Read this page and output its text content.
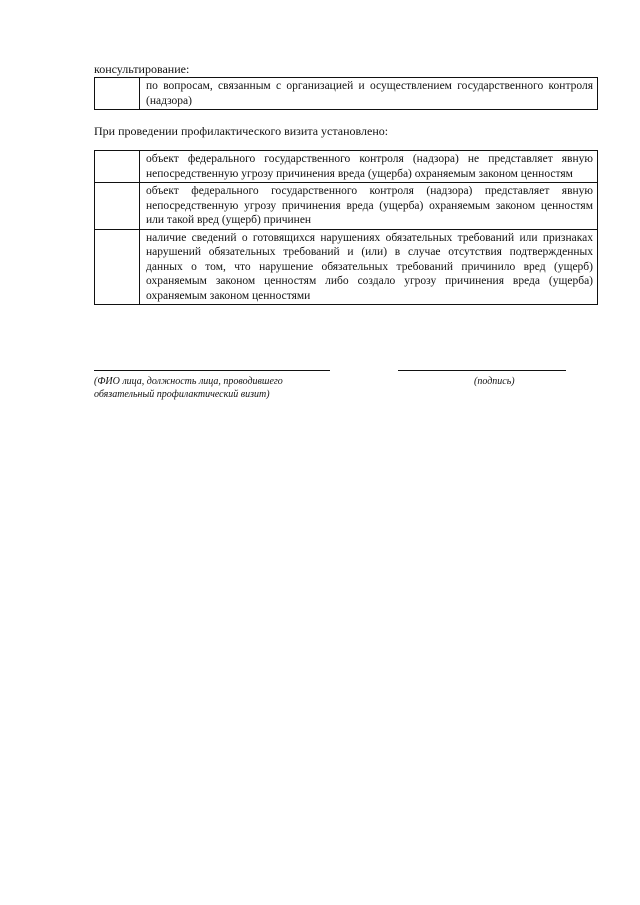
консультирование:
	по вопросам, связанным с организацией и осуществлением государственного контроля (надзора)
При проведении профилактического визита установлено:
	объект федерального государственного контроля (надзора) не представляет явную непосредственную угрозу причинения вреда (ущерба) охраняемым законом ценностям
	объект федерального государственного контроля (надзора) представляет явную непосредственную угрозу причинения вреда (ущерба) охраняемым законом ценностям или такой вред (ущерб) причинен
	наличие сведений о готовящихся нарушениях обязательных требований или признаках нарушений обязательных требований и (или) в случае отсутствия подтвержденных данных о том, что нарушение обязательных требований причинило вред (ущерб) охраняемым законом ценностям либо создало угрозу причинения вреда (ущерба) охраняемым законом ценностями
(ФИО лица, должность лица, проводившего
обязательный профилактический визит)
(подпись)
